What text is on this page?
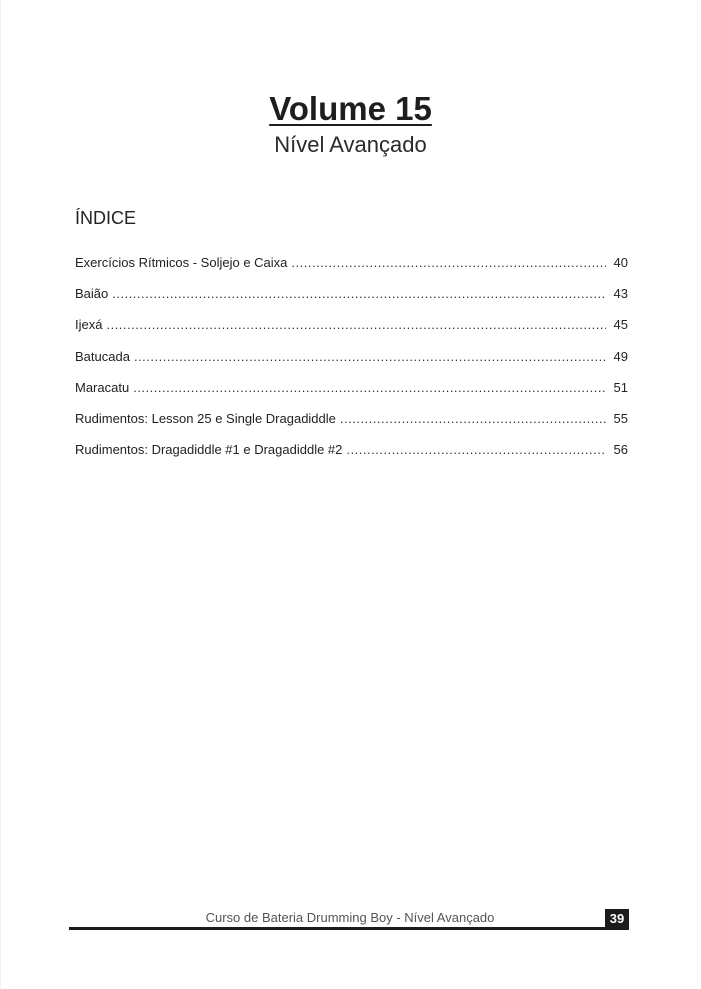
Volume 15
Nível Avançado
ÍNDICE
Exercícios Rítmicos - Soljejo e Caixa .....	40
Baião .....	43
Ijexá .....	45
Batucada .....	49
Maracatu .....	51
Rudimentos: Lesson 25 e Single Dragadiddle .....	55
Rudimentos: Dragadiddle #1 e Dragadiddle #2 .....	56
Curso de Bateria Drumming Boy - Nível Avançado	39
